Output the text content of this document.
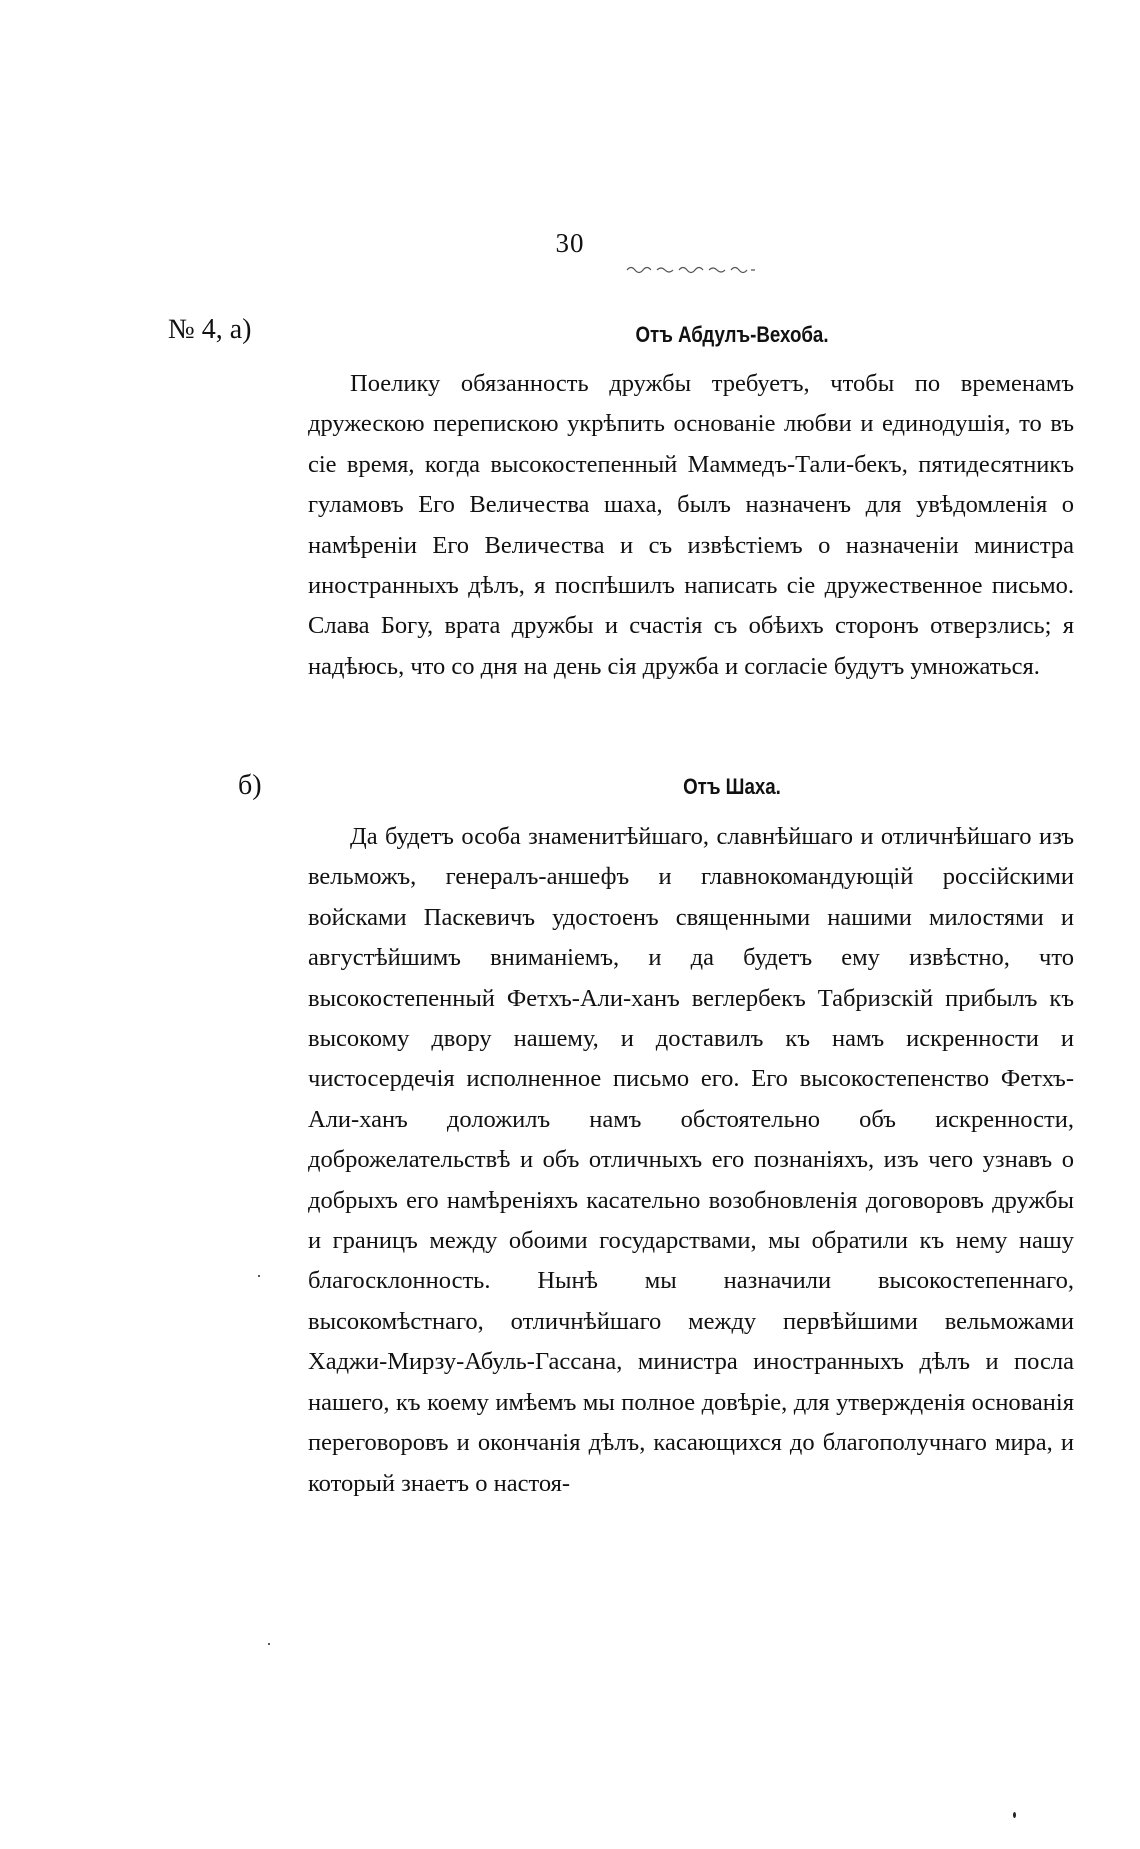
30
№ 4, а)	Отъ Абдулъ-Вехоба.
Поелику обязанность дружбы требуетъ, чтобы по временамъ дружескою перепискою укрѣпить основаніе любви и единодушія, то въ сіе время, когда высокостепенный Маммедъ-Тали-бекъ, пятидесятникъ гуламовъ Его Величества шаха, былъ назначенъ для увѣдомленія о намѣреніи Его Величества и съ извѣстіемъ о назначеніи министра иностранныхъ дѣлъ, я поспѣшилъ написать сіе дружественное письмо. Слава Богу, врата дружбы и счастія съ обѣихъ сторонъ отверзлись; я надѣюсь, что со дня на день сія дружба и согласіе будутъ умножаться.
б)	Отъ Шаха.
Да будетъ особа знаменитѣйшаго, славнѣйшаго и отличнѣйшаго изъ вельможъ, генералъ-аншефъ и главнокомандующій россійскими войсками Паскевичъ удостоенъ священными нашими милостями и августѣйшимъ вниманіемъ, и да будетъ ему извѣстно, что высокостепенный Фетхъ-Али-ханъ веглербекъ Табризскій прибылъ къ высокому двору нашему, и доставилъ къ намъ искренности и чистосердечія исполненное письмо его. Его высокостепенство Фетхъ-Али-ханъ доложилъ намъ обстоятельно объ искренности, доброжелательствѣ и объ отличныхъ его познаніяхъ, изъ чего узнавъ о добрыхъ его намѣреніяхъ касательно возобновленія договоровъ дружбы и границъ между обоими государствами, мы обратили къ нему нашу благосклонность. Нынѣ мы назначили высокостепеннаго, высокомѣстнаго, отличнѣйшаго между первѣйшими вельможами Хаджи-Мирзу-Абуль-Гассана, министра иностранныхъ дѣлъ и посла нашего, къ коему имѣемъ мы полное довѣріе, для утвержденія основанія переговоровъ и окончанія дѣлъ, касающихся до благополучнаго мира, и который знаетъ о настоя-
